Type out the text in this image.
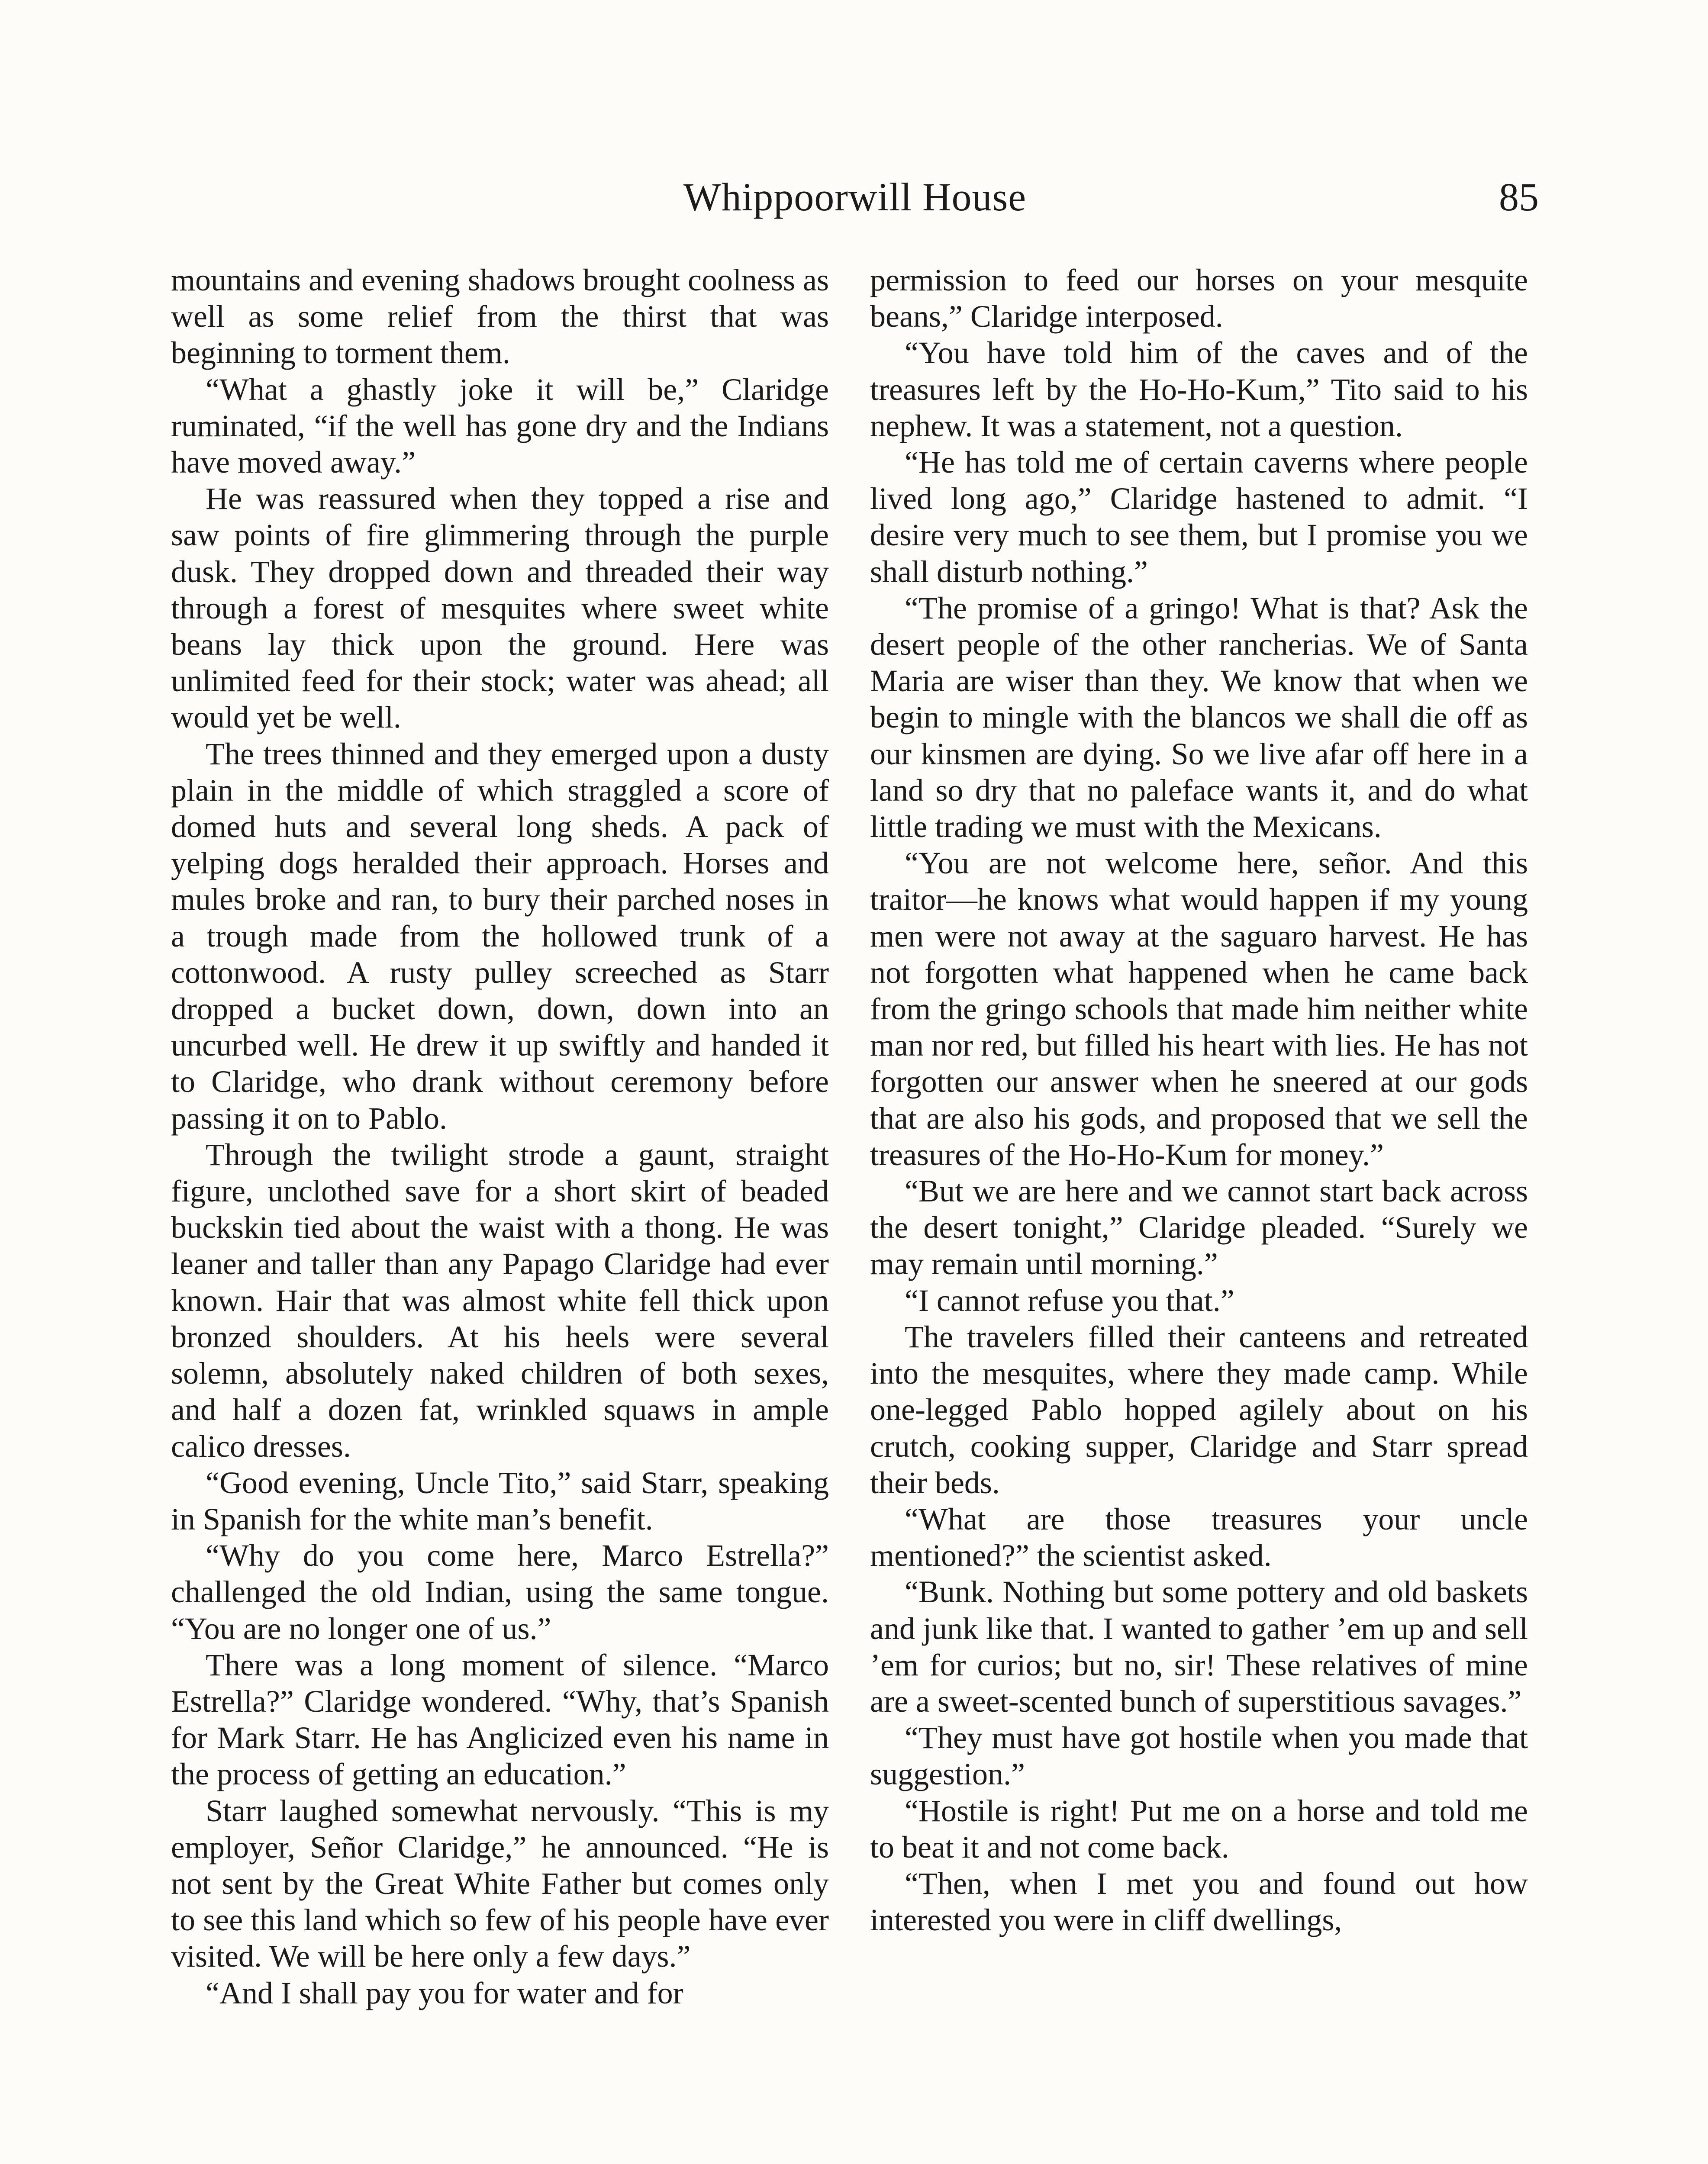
Whippoorwill House	85

mountains and evening shadows brought coolness as well as some relief from the thirst that was beginning to torment them.

“What a ghastly joke it will be,” Claridge ruminated, “if the well has gone dry and the Indians have moved away.”

He was reassured when they topped a rise and saw points of fire glimmering through the purple dusk. They dropped down and threaded their way through a forest of mesquites where sweet white beans lay thick upon the ground. Here was unlimited feed for their stock; water was ahead; all would yet be well.

The trees thinned and they emerged upon a dusty plain in the middle of which straggled a score of domed huts and several long sheds. A pack of yelping dogs heralded their approach. Horses and mules broke and ran, to bury their parched noses in a trough made from the hollowed trunk of a cottonwood. A rusty pulley screeched as Starr dropped a bucket down, down, down into an uncurbed well. He drew it up swiftly and handed it to Claridge, who drank without ceremony before passing it on to Pablo.

Through the twilight strode a gaunt, straight figure, unclothed save for a short skirt of beaded buckskin tied about the waist with a thong. He was leaner and taller than any Papago Claridge had ever known. Hair that was almost white fell thick upon bronzed shoulders. At his heels were several solemn, absolutely naked children of both sexes, and half a dozen fat, wrinkled squaws in ample calico dresses.

“Good evening, Uncle Tito,” said Starr, speaking in Spanish for the white man’s benefit.

“Why do you come here, Marco Estrella?” challenged the old Indian, using the same tongue. “You are no longer one of us.”

There was a long moment of silence. “Marco Estrella?” Claridge wondered. “Why, that’s Spanish for Mark Starr. He has Anglicized even his name in the process of getting an education.”

Starr laughed somewhat nervously. “This is my employer, Señor Claridge,” he announced. “He is not sent by the Great White Father but comes only to see this land which so few of his people have ever visited. We will be here only a few days.”

“And I shall pay you for water and for

permission to feed our horses on your mesquite beans,” Claridge interposed.

“You have told him of the caves and of the treasures left by the Ho-Ho-Kum,” Tito said to his nephew. It was a statement, not a question.

“He has told me of certain caverns where people lived long ago,” Claridge hastened to admit. “I desire very much to see them, but I promise you we shall disturb nothing.”

“The promise of a gringo! What is that? Ask the desert people of the other rancherias. We of Santa Maria are wiser than they. We know that when we begin to mingle with the blancos we shall die off as our kinsmen are dying. So we live afar off here in a land so dry that no paleface wants it, and do what little trading we must with the Mexicans.

“You are not welcome here, señor. And this traitor—he knows what would happen if my young men were not away at the saguaro harvest. He has not forgotten what happened when he came back from the gringo schools that made him neither white man nor red, but filled his heart with lies. He has not forgotten our answer when he sneered at our gods that are also his gods, and proposed that we sell the treasures of the Ho-Ho-Kum for money.”

“But we are here and we cannot start back across the desert tonight,” Claridge pleaded. “Surely we may remain until morning.”

“I cannot refuse you that.”

The travelers filled their canteens and retreated into the mesquites, where they made camp. While one-legged Pablo hopped agilely about on his crutch, cooking supper, Claridge and Starr spread their beds.

“What are those treasures your uncle mentioned?” the scientist asked.

“Bunk. Nothing but some pottery and old baskets and junk like that. I wanted to gather ’em up and sell ’em for curios; but no, sir! These relatives of mine are a sweet-scented bunch of superstitious savages.”

“They must have got hostile when you made that suggestion.”

“Hostile is right! Put me on a horse and told me to beat it and not come back.

“Then, when I met you and found out how interested you were in cliff dwellings,
